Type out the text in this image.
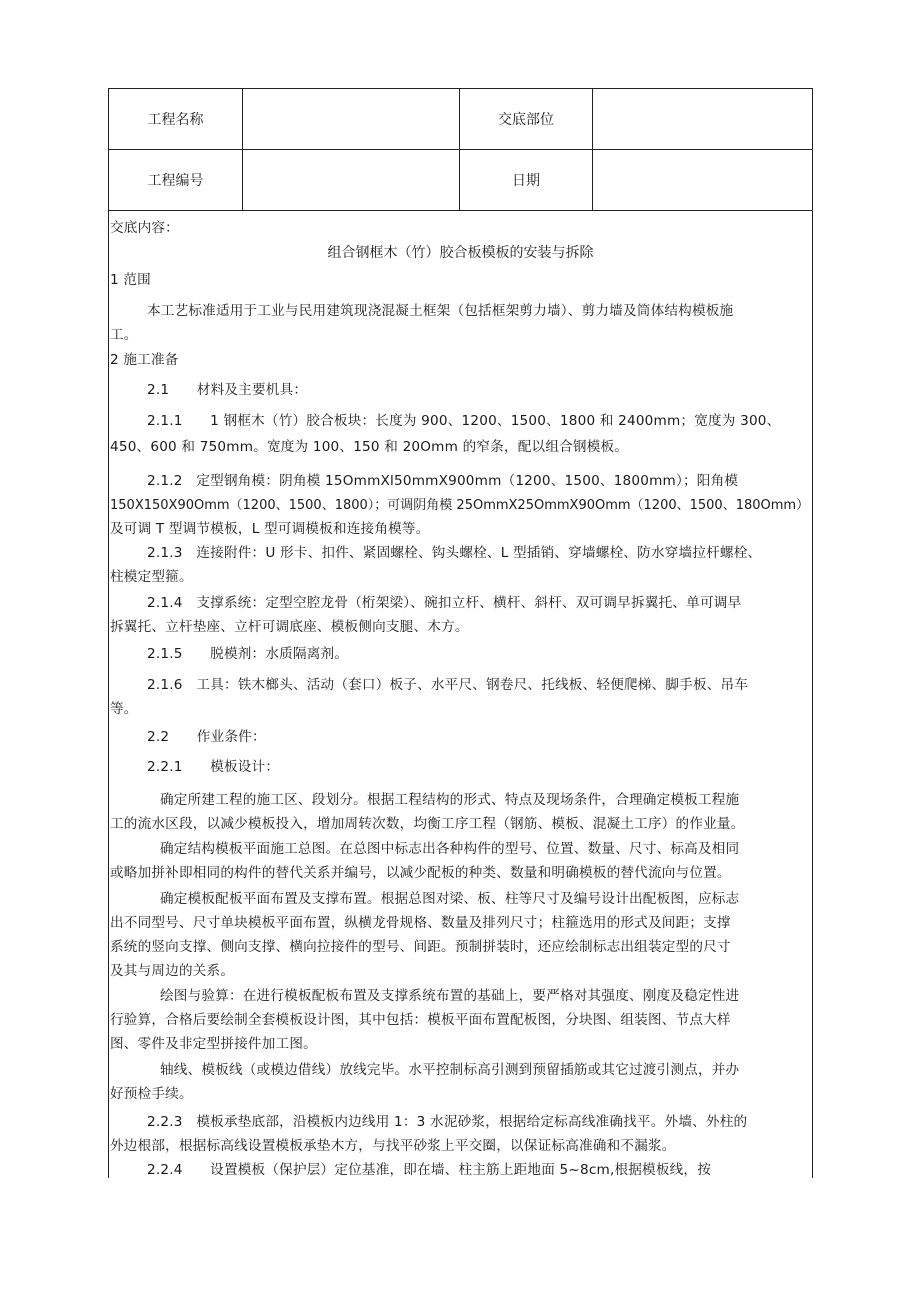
工程名称	交底部位
工程编号	日期
交底内容：
组合钢框木（竹）胶合板模板的安装与拆除
1 范围
本工艺标准适用于工业与民用建筑现浇混凝土框架（包括框架剪力墙）、剪力墙及筒体结构模板施
工。
2 施工准备
2.1　　材料及主要机具：
2.1.1　　1 钢框木（竹）胶合板块：长度为 900、1200、1500、1800 和 2400mm；宽度为 300、
450、600 和 750mm。宽度为 100、150 和 20Omm 的窄条，配以组合钢模板。
2.1.2　定型钢角模：阴角模 15OmmXl50mmX900mm（1200、1500、1800mm）；阳角模
150X150X90Omm（1200、1500、1800）；可调阴角模 25OmmX25OmmX90Omm（1200、1500、180Omm）
及可调 T 型调节模板，L 型可调模板和连接角模等。
2.1.3　连接附件：U 形卡、扣件、紧固螺栓、钩头螺栓、L 型插销、穿墙螺栓、防水穿墙拉杆螺栓、
柱模定型箍。
2.1.4　支撑系统：定型空腔龙骨（桁架梁）、碗扣立杆、横杆、斜杆、双可调早拆翼托、单可调早
拆翼托、立杆垫座、立杆可调底座、模板侧向支腿、木方。
2.1.5　　脱模剂：水质隔离剂。
2.1.6　工具：铁木榔头、活动（套口）板子、水平尺、钢卷尺、托线板、轻便爬梯、脚手板、吊车
等。
2.2　　作业条件：
2.2.1　　模板设计：
确定所建工程的施工区、段划分。根据工程结构的形式、特点及现场条件，合理确定模板工程施
工的流水区段，以减少模板投入，增加周转次数，均衡工序工程（钢筋、模板、混凝土工序）的作业量。
确定结构模板平面施工总图。在总图中标志出各种构件的型号、位置、数量、尺寸、标高及相同
或略加拼补即相同的构件的替代关系并编号，以减少配板的种类、数量和明确模板的替代流向与位置。
确定模板配板平面布置及支撑布置。根据总图对梁、板、柱等尺寸及编号设计出配板图，应标志
出不同型号、尺寸单块模板平面布置，纵横龙骨规格、数量及排列尺寸；柱箍选用的形式及间距；支撑
系统的竖向支撑、侧向支撑、横向拉接件的型号、间距。预制拼装时，还应绘制标志出组装定型的尺寸
及其与周边的关系。
绘图与验算：在进行模板配板布置及支撑系统布置的基础上，要严格对其强度、刚度及稳定性进
行验算，合格后要绘制全套模板设计图，其中包括：模板平面布置配板图，分块图、组装图、节点大样
图、零件及非定型拼接件加工图。
轴线、模板线（或模边借线）放线完毕。水平控制标高引测到预留插筋或其它过渡引测点，并办
好预检手续。
2.2.3　模板承垫底部，沿模板内边线用 1：3 水泥砂浆，根据给定标高线准确找平。外墙、外柱的
外边根部，根据标高线设置模板承垫木方，与找平砂浆上平交圈，以保证标高准确和不漏浆。
2.2.4　　设置模板（保护层）定位基准，即在墙、柱主筋上距地面 5~8cm,根据模板线，按
